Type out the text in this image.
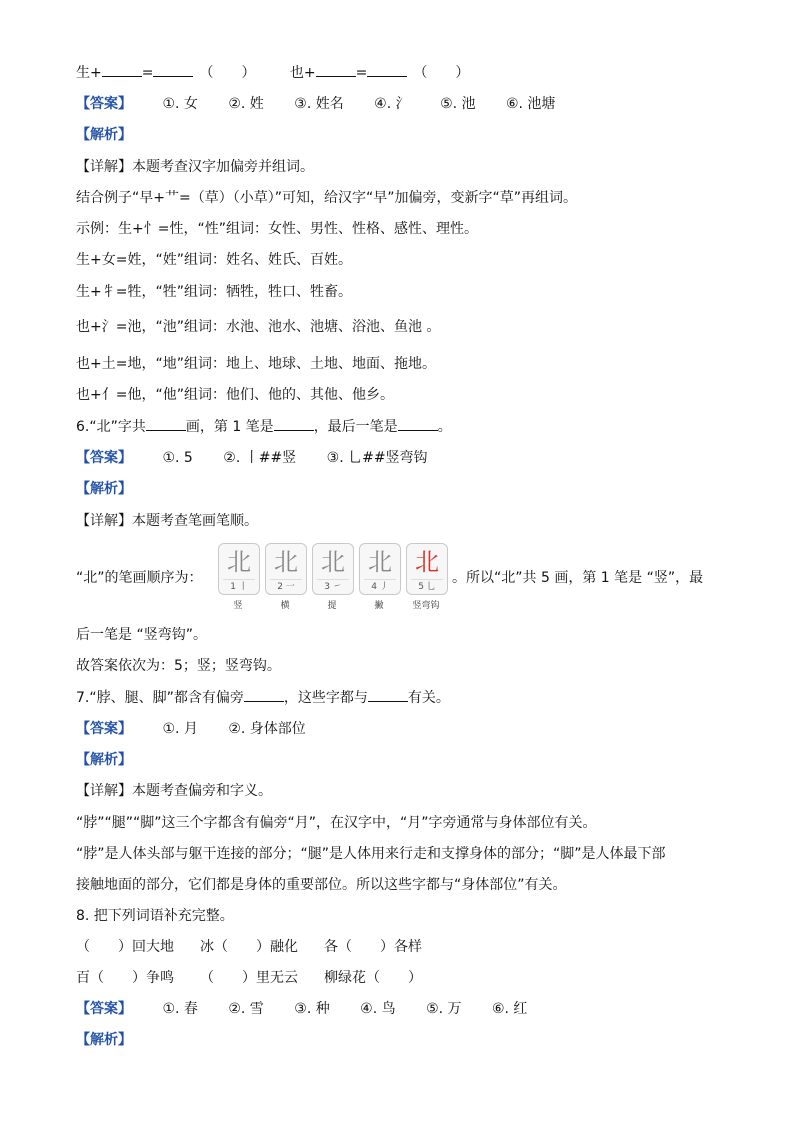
生+	=	（　　） 也+	=	（　　）
【答案】 ①. 女 ②. 姓 ③. 姓名 ④. 氵 ⑤. 池 ⑥. 池塘
【解析】
【详解】本题考查汉字加偏旁并组词。
结合例子“早+艹=（草）（小草）”可知，给汉字“早”加偏旁，变新字“草”再组词。
示例：生+忄=性，“性”组词：女性、男性、性格、感性、理性。
生+女=姓，“姓”组词：姓名、姓氏、百姓。
生+牜=牲，“牲”组词：牺牲，牲口、牲畜。
也+氵=池，“池”组词：水池、池水、池塘、浴池、鱼池 。
也+土=地，“地”组词：地上、地球、土地、地面、拖地。
也+亻=他，“他”组词：他们、他的、其他、他乡。
6.“北”字共	画，第 1 笔是	，最后一笔是	。
【答案】 ①. 5 ②. 丨##竖 ③. 乚##竖弯钩
【解析】
【详解】本题考查笔画笔顺。
“北”的笔画顺序为：
北
1 丨
竖
北
2 一
横
北
3 ㇀
提
北
4 丿
撇
北
5 乚
竖弯钩
。所以“北”共 5 画，第 1 笔是 “竖”，最
后一笔是 “竖弯钩”。
故答案依次为：5；竖；竖弯钩。
7.“脖、腿、脚”都含有偏旁	，这些字都与	有关。
【答案】 ①. 月 ②. 身体部位
【解析】
【详解】本题考查偏旁和字义。
“脖”“腿”“脚”这三个字都含有偏旁“月”，在汉字中，“月”字旁通常与身体部位有关。
“脖”是人体头部与躯干连接的部分；“腿”是人体用来行走和支撑身体的部分；“脚”是人体最下部
接触地面的部分，它们都是身体的重要部位。所以这些字都与“身体部位”有关。
8. 把下列词语补充完整。
（　　）回大地 冰（　　）融化 各（　　）各样
百（　　）争鸣 （　　）里无云 柳绿花（　　）
【答案】 ①. 春 ②. 雪 ③. 种 ④. 鸟 ⑤. 万 ⑥. 红
【解析】
